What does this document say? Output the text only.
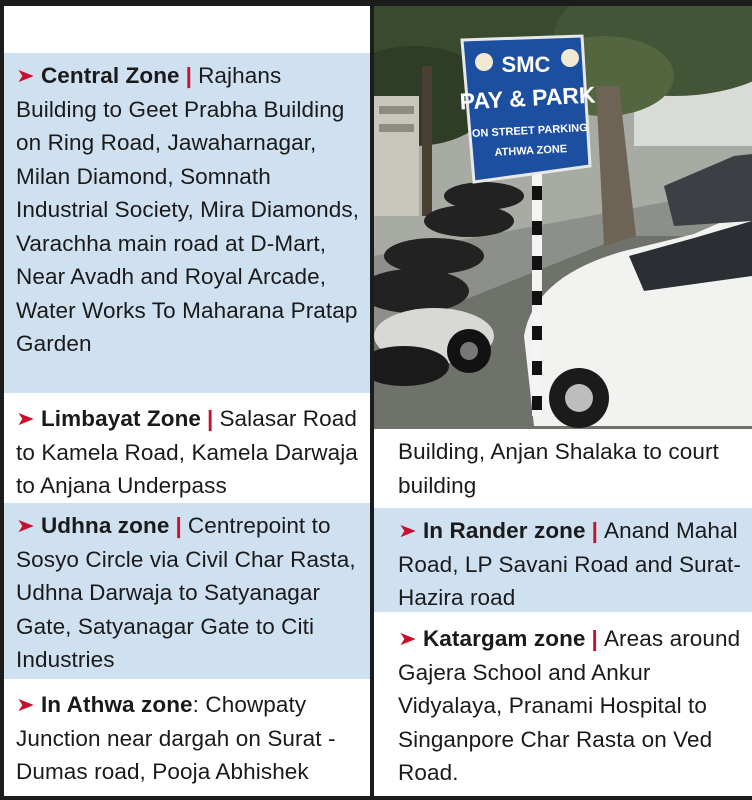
➤ Central Zone | Rajhans Building to Geet Prabha Building on Ring Road, Jawaharnagar, Milan Diamond, Somnath Industrial Society, Mira Diamonds, Varachha main road at D-Mart, Near Avadh and Royal Arcade, Water Works To Maharana Pratap Garden
➤ Limbayat Zone | Salasar Road to Kamela Road, Kamela Darwaja to Anjana Underpass
➤ Udhna zone | Centrepoint to Sosyo Circle via Civil Char Rasta, Udhna Darwaja to Satyanagar Gate, Satyanagar Gate to Citi Industries
➤ In Athwa zone: Chowpaty Junction near dargah on Surat -Dumas road, Pooja Abhishek
SMC
PAY & PARK
ON STREET PARKING
ATHWA ZONE
Building, Anjan Shalaka to court building
➤ In Rander zone | Anand Mahal Road, LP Savani Road and Surat-Hazira road
➤ Katargam zone | Areas around Gajera School and Ankur Vidyalaya, Pranami Hospital to Singanpore Char Rasta on Ved Road.
